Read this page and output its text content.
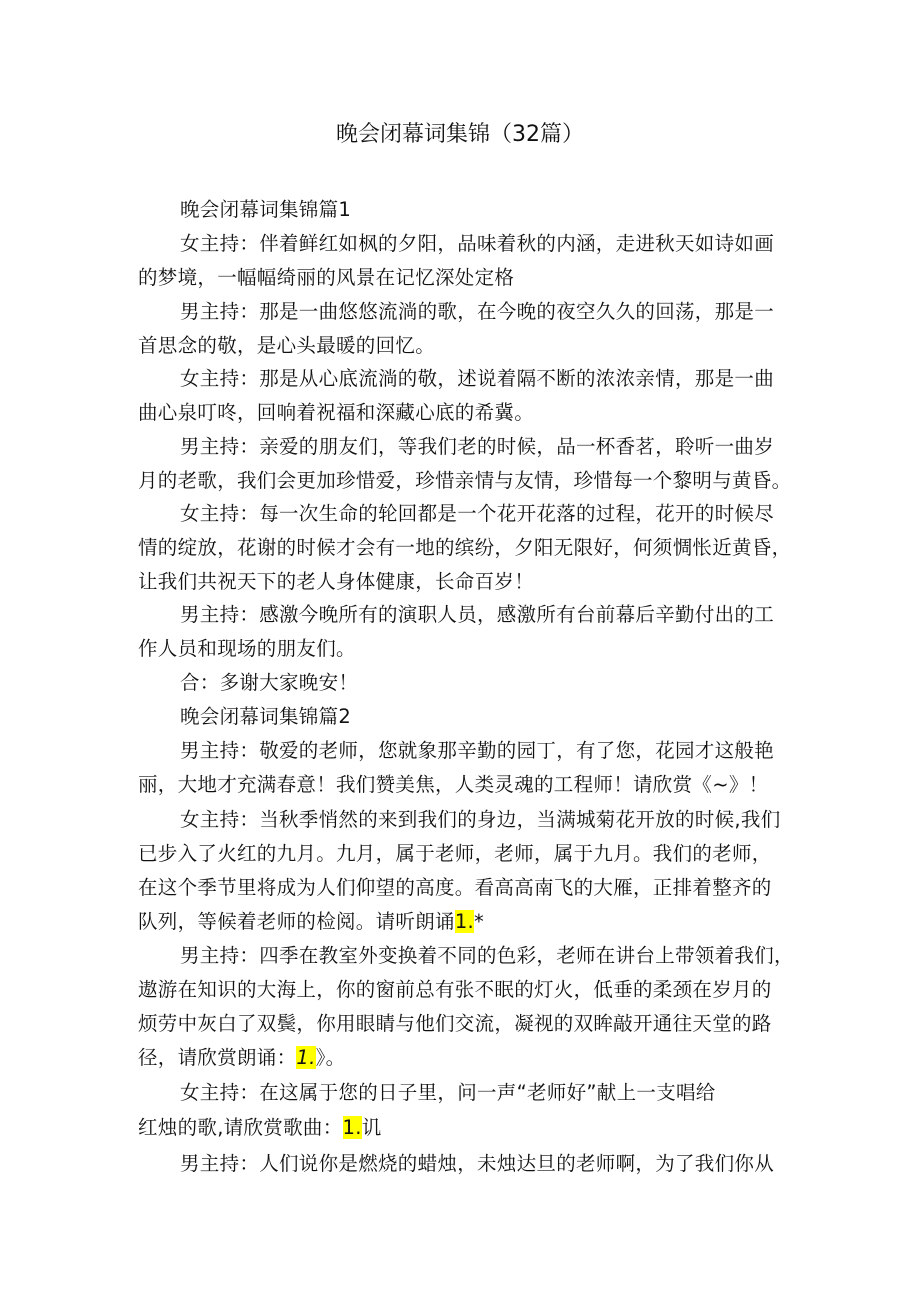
晚会闭幕词集锦（32篇）
晚会闭幕词集锦篇1
女主持：伴着鲜红如枫的夕阳，品味着秋的内涵，走进秋天如诗如画
的梦境，一幅幅绮丽的风景在记忆深处定格
男主持：那是一曲悠悠流淌的歌，在今晚的夜空久久的回荡，那是一
首思念的敬，是心头最暖的回忆。
女主持：那是从心底流淌的敬，述说着隔不断的浓浓亲情，那是一曲
曲心泉叮咚，回响着祝福和深藏心底的希冀。
男主持：亲爱的朋友们，等我们老的时候，品一杯香茗，聆听一曲岁
月的老歌，我们会更加珍惜爱，珍惜亲情与友情，珍惜每一个黎明与黄昏。
女主持：每一次生命的轮回都是一个花开花落的过程，花开的时候尽
情的绽放，花谢的时候才会有一地的缤纷，夕阳无限好，何须惆怅近黄昏，
让我们共祝天下的老人身体健康，长命百岁！
男主持：感激今晚所有的演职人员，感激所有台前幕后辛勤付出的工
作人员和现场的朋友们。
合：多谢大家晚安！
晚会闭幕词集锦篇2
男主持：敬爱的老师，您就象那辛勤的园丁，有了您，花园才这般艳
丽，大地才充满春意！我们赞美焦，人类灵魂的工程师！请欣赏《~》！
女主持：当秋季悄然的来到我们的身边，当满城菊花开放的时候,我们
已步入了火红的九月。九月，属于老师，老师，属于九月。我们的老师，
在这个季节里将成为人们仰望的高度。看高高南飞的大雁，正排着整齐的
队列，等候着老师的检阅。请听朗诵1.*
男主持：四季在教室外变换着不同的色彩，老师在讲台上带领着我们，
遨游在知识的大海上，你的窗前总有张不眠的灯火，低垂的柔颈在岁月的
烦劳中灰白了双鬓，你用眼睛与他们交流，凝视的双眸敲开通往天堂的路
径，请欣赏朗诵：1.》。
女主持：在这属于您的日子里，问一声“老师好”献上一支唱给
红烛的歌,请欣赏歌曲：1.讥
男主持：人们说你是燃烧的蜡烛，未烛达旦的老师啊，为了我们你从
